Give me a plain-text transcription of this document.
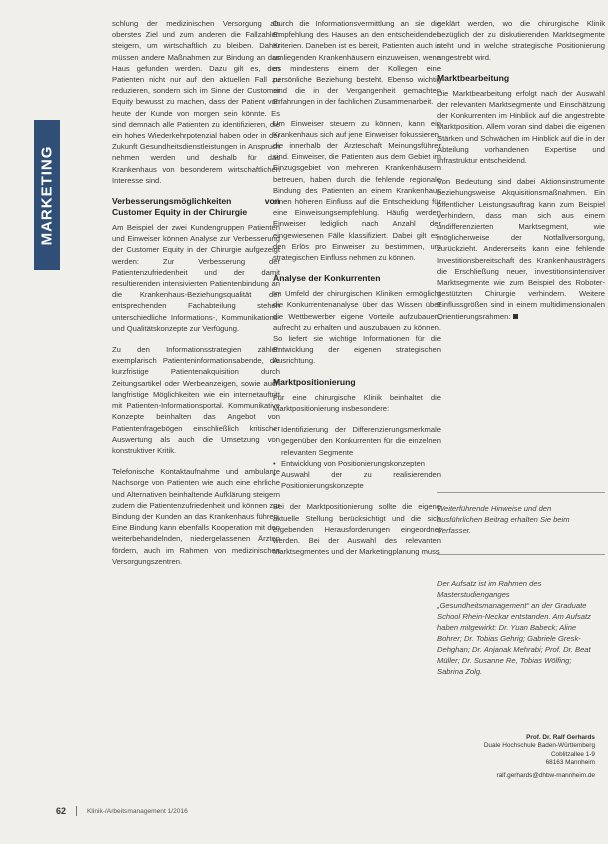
MARKETING

schlung der medizinischen Versorgung als oberstes Ziel und zum anderen die Fallzahlen steigern, um wirtschaftlich zu bleiben. Daher müssen andere Maßnahmen zur Bindung an das Haus gefunden werden. Dazu gilt es, den Patienten nicht nur auf den aktuellen Fall zu reduzieren, sondern sich im Sinne der Customer Equity bewusst zu machen, dass der Patient von heute der Kunde von morgen sein könnte. Es sind demnach alle Patienten zu identifizieren, die ein hohes Wiederkehrpotenzial haben oder in der Zukunft Gesundheitsdienstleistungen in Anspruch nehmen werden und deshalb für das Krankenhaus von besonderem wirtschaftlichen Interesse sind.

Verbesserungsmöglichkeiten von Customer Equity in der Chirurgie

Am Beispiel der zwei Kundengruppen Patienten und Einweiser können Analyse zur Verbesserung der Customer Equity in der Chirurgie aufgezeigt werden: Zur Verbesserung der Patientenzufriedenheit und der damit resultierenden intensivierten Patientenbindung an die Krankenhaus-Beziehungsqualität der entsprechenden Fachabteilung stehen unterschiedliche Informations-, Kommunikations- und Qualitätskonzepte zur Verfügung.

Zu den Informationsstrategien zählen exemplarisch Patienteninformationsabende, die kurzfristige Patientenakquisition durch Zeitungsartikel oder Werbeanzeigen, sowie auch langfristige Möglichkeiten wie ein internetauftritt mit Patienten-Informationsportal. Kommunikative Konzepte beinhalten das Angebot von Patientenfragebögen einschließlich kritischer Auswertung als auch die Umsetzung von konstruktiver Kritik.

Telefonische Kontaktaufnahme und ambulante Nachsorge von Patienten wie auch eine ehrliche und Alternativen beinhaltende Aufklärung steigern zudem die Patientenzufriedenheit und können zur Bindung der Kunden an das Krankenhaus führen. Eine Bindung kann ebenfalls Kooperation mit den weiterbehandelnden, niedergelassenen Ärzten fördern, auch im Rahmen von medizinischen Versorgungszentren.

Durch die Informationsvermittlung an sie die Empfehlung des Hauses an den entscheidenden Kriterien. Daneben ist es bereit, Patienten auch in umliegenden Krankenhäusern einzuweisen, wenn es mindestens einem der Kollegen eine persönliche Beziehung besteht. Ebenso wichtig sind die in der Vergangenheit gemachten Erfahrungen in der fachlichen Zusammenarbeit.

Um Einweiser steuern zu können, kann ein Krankenhaus sich auf jene Einweiser fokussieren, die innerhalb der Ärzteschaft Meinungsführer sind. Einweiser, die Patienten aus dem Gebiet im Einzugsgebiet von mehreren Krankenhäusern betreuen, haben durch die fehlende regionale Bindung des Patienten an einem Krankenhaus einen höheren Einfluss auf die Entscheidung für eine Einweisungsempfehlung. Häufig werden Einweiser lediglich nach Anzahl der eingewiesenen Fälle klassifiziert. Dabei gilt es, den Erlös pro Einweiser zu bestimmen, um strategischen Einfluss nehmen zu können.

Analyse der Konkurrenten

Im Umfeld der chirurgischen Kliniken ermöglicht die Konkurrentenanalyse über das Wissen über die Wettbewerber eigene Vorteile aufzubauen, aufrecht zu erhalten und auszubauen zu können. So liefert sie wichtige Informationen für die Entwicklung der eigenen strategischen Ausrichtung.

Marktpositionierung

Für eine chirurgische Klinik beinhaltet die Marktpositionierung insbesondere:

• Identifizierung der Differenzierungsmerkmale gegenüber den Konkurrenten für die einzelnen relevanten Segmente
• Entwicklung von Positionierungskonzepten
• Auswahl der zu realisierenden Positionierungskonzepte

Bei der Marktpositionierung sollte die eigene aktuelle Stellung berücksichtigt und die sich ergebenden Herausforderungen eingeordnet werden. Bei der Auswahl des relevanten Marktsegmentes und der Marketingplanung muss

geklärt werden, wo die chirurgische Klinik bezüglich der zu diskutierenden Marktsegmente steht und in welche strategische Positionierung angestrebt wird.

Marktbearbeitung

Die Marktbearbeitung erfolgt nach der Auswahl der relevanten Marktsegmente und Einschätzung der Konkurrenten im Hinblick auf die angestrebte Marktposition. Allem voran sind dabei die eigenen Stärken und Schwächen im Hinblick auf die in der Abteilung vorhandenen Expertise und Infrastruktur entscheidend.

Von Bedeutung sind dabei Aktionsinstrumente beziehungsweise Akquisitionsmaßnahmen. Ein öffentlicher Leistungsauftrag kann zum Beispiel verhindern, dass man sich aus einem undifferenzierten Marktsegment, wie möglicherweise der Notfallversorgung, zurückzieht. Andererseits kann eine fehlende Investitionsbereitschaft des Krankenhausträgers die Erschließung neuer, investitionsintensiver Marktsegmente wie zum Beispiel des Roboter-gestützten Chirurgie verhindern. Weitere Einflussgrößen sind in einem multidimensionalen Orientierungsrahmen:

Weiterführende Hinweise und den ausführlichen Beitrag erhalten Sie beim Verfasser.
Der Aufsatz ist im Rahmen des Masterstudienganges „Gesundheitsmanagement“ an der Graduate School Rhein-Neckar entstanden. Am Aufsatz haben mitgewirkt: Dr. Yuan Babeck; Aline Bohrer; Dr. Tobias Gehrig; Gabriele Gresk-Dehghan; Dr. Anjanak Mehrabi; Prof. Dr. Beat Müller; Dr. Susanne Re, Tobias Wölfing; Sabrina Zolg.
Prof. Dr. Ralf Gerhards
Duale Hochschule Baden-Württemberg
Coblitzallee 1-9
68163 Mannheim
ralf.gerhards@dhbw-mannheim.de
62	Klinik-/Arbeitsmanagement 1/2016
